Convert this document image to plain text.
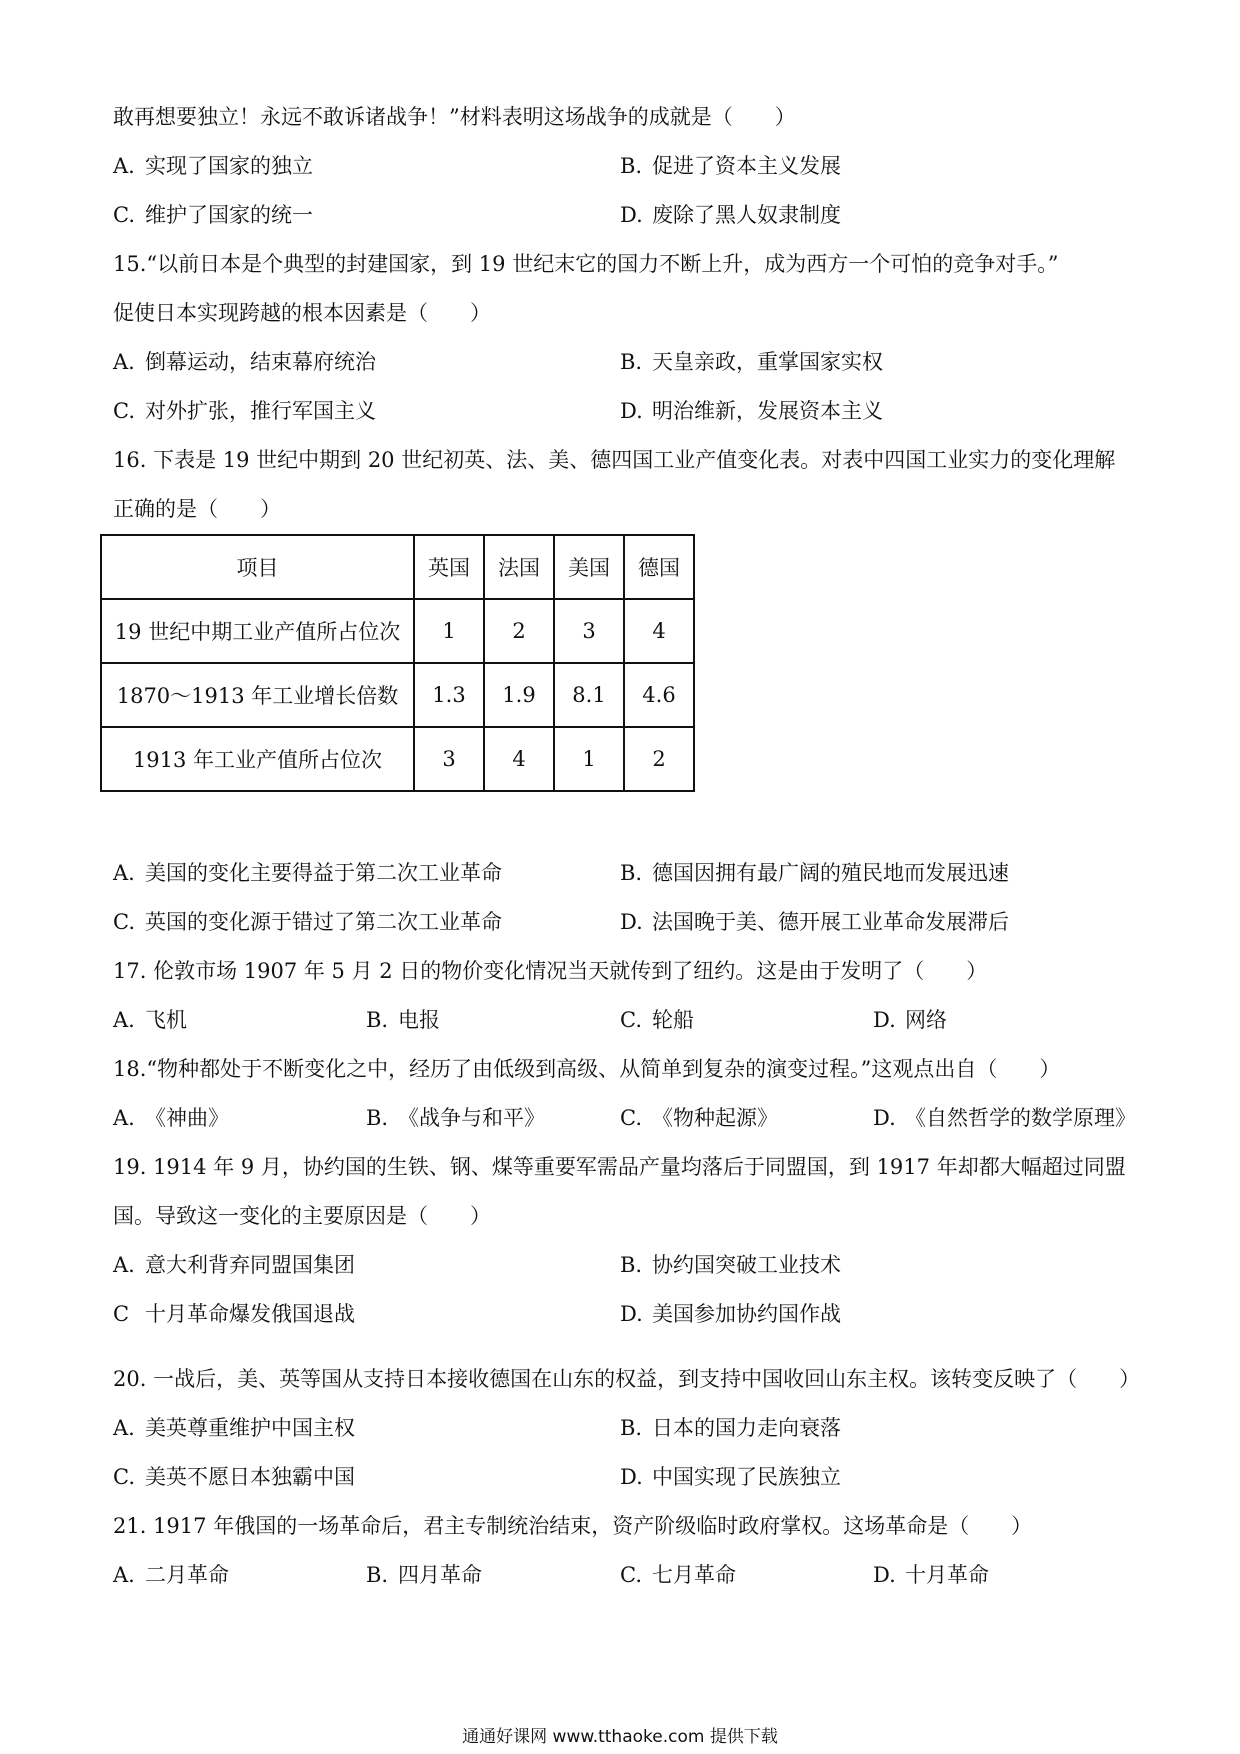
敢再想要独立！永远不敢诉诸战争！”材料表明这场战争的成就是（　　）
A. 实现了国家的独立	B. 促进了资本主义发展
C. 维护了国家的统一	D. 废除了黑人奴隶制度
15.“以前日本是个典型的封建国家，到 19 世纪末它的国力不断上升，成为西方一个可怕的竞争对手。”
促使日本实现跨越的根本因素是（　　）
A. 倒幕运动，结束幕府统治	B. 天皇亲政，重掌国家实权
C. 对外扩张，推行军国主义	D. 明治维新，发展资本主义
16. 下表是 19 世纪中期到 20 世纪初英、法、美、德四国工业产值变化表。对表中四国工业实力的变化理解
正确的是（　　）
项目	英国	法国	美国	德国
19 世纪中期工业产值所占位次	1	2	3	4
1870～1913 年工业增长倍数	1.3	1.9	8.1	4.6
1913 年工业产值所占位次	3	4	1	2
A. 美国的变化主要得益于第二次工业革命	B. 德国因拥有最广阔的殖民地而发展迅速
C. 英国的变化源于错过了第二次工业革命	D. 法国晚于美、德开展工业革命发展滞后
17. 伦敦市场 1907 年 5 月 2 日的物价变化情况当天就传到了纽约。这是由于发明了（　　）
A. 飞机	B. 电报	C. 轮船	D. 网络
18.“物种都处于不断变化之中，经历了由低级到高级、从简单到复杂的演变过程。”这观点出自（　　）
A. 《神曲》	B. 《战争与和平》	C. 《物种起源》	D. 《自然哲学的数学原理》
19. 1914 年 9 月，协约国的生铁、钢、煤等重要军需品产量均落后于同盟国，到 1917 年却都大幅超过同盟
国。导致这一变化的主要原因是（　　）
A. 意大利背弃同盟国集团	B. 协约国突破工业技术
C 十月革命爆发俄国退战	D. 美国参加协约国作战
20. 一战后，美、英等国从支持日本接收德国在山东的权益，到支持中国收回山东主权。该转变反映了（　　）
A. 美英尊重维护中国主权	B. 日本的国力走向衰落
C. 美英不愿日本独霸中国	D. 中国实现了民族独立
21. 1917 年俄国的一场革命后，君主专制统治结束，资产阶级临时政府掌权。这场革命是（　　）
A. 二月革命	B. 四月革命	C. 七月革命	D. 十月革命
通通好课网 www.tthaoke.com 提供下载
